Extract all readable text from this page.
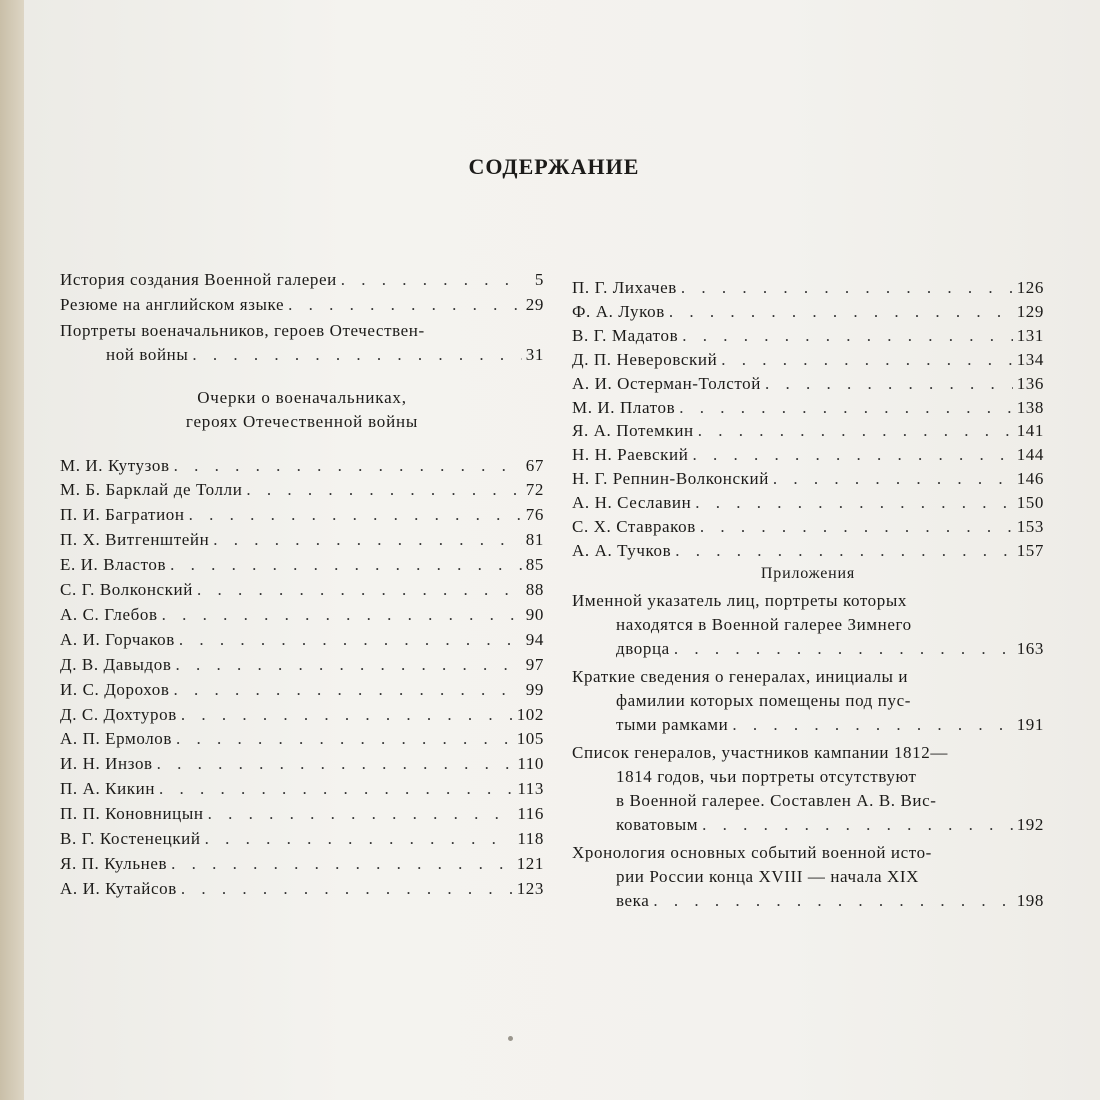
СОДЕРЖАНИЕ
История создания Военной галереи . . .	5
Резюме на английском языке . . .	29
Портреты военачальников, героев Отечествен-
ной войны . . .	31
Очерки о военачальниках,
героях Отечественной войны
М. И. Кутузов . . .	67
М. Б. Барклай де Толли . . .	72
П. И. Багратион . . .	76
П. Х. Витгенштейн . . .	81
Е. И. Властов . . .	85
С. Г. Волконский . . .	88
А. С. Глебов . . .	90
А. И. Горчаков . . .	94
Д. В. Давыдов . . .	97
И. С. Дорохов . . .	99
Д. С. Дохтуров . . .	102
А. П. Ермолов . . .	105
И. Н. Инзов . . .	110
П. А. Кикин . . .	113
П. П. Коновницын . . .	116
В. Г. Костенецкий . . .	118
Я. П. Кульнев . . .	121
А. И. Кутайсов . . .	123
П. Г. Лихачев . . .	126
Ф. А. Луков . . .	129
В. Г. Мадатов . . .	131
Д. П. Неверовский . . .	134
А. И. Остерман-Толстой . . .	136
М. И. Платов . . .	138
Я. А. Потемкин . . .	141
Н. Н. Раевский . . .	144
Н. Г. Репнин-Волконский . . .	146
А. Н. Сеславин . . .	150
С. Х. Ставраков . . .	153
А. А. Тучков . . .	157
Приложения
Именной указатель лиц, портреты которых
находятся в Военной галерее Зимнего
дворца . . .	163
Краткие сведения о генералах, инициалы и
фамилии которых помещены под пус-
тыми рамками . . .	191
Список генералов, участников кампании 1812—
1814 годов, чьи портреты отсутствуют
в Военной галерее. Составлен А. В. Вис-
коватовым . . .	192
Хронология основных событий военной исто-
рии России конца XVIII — начала XIX
века . . .	198
